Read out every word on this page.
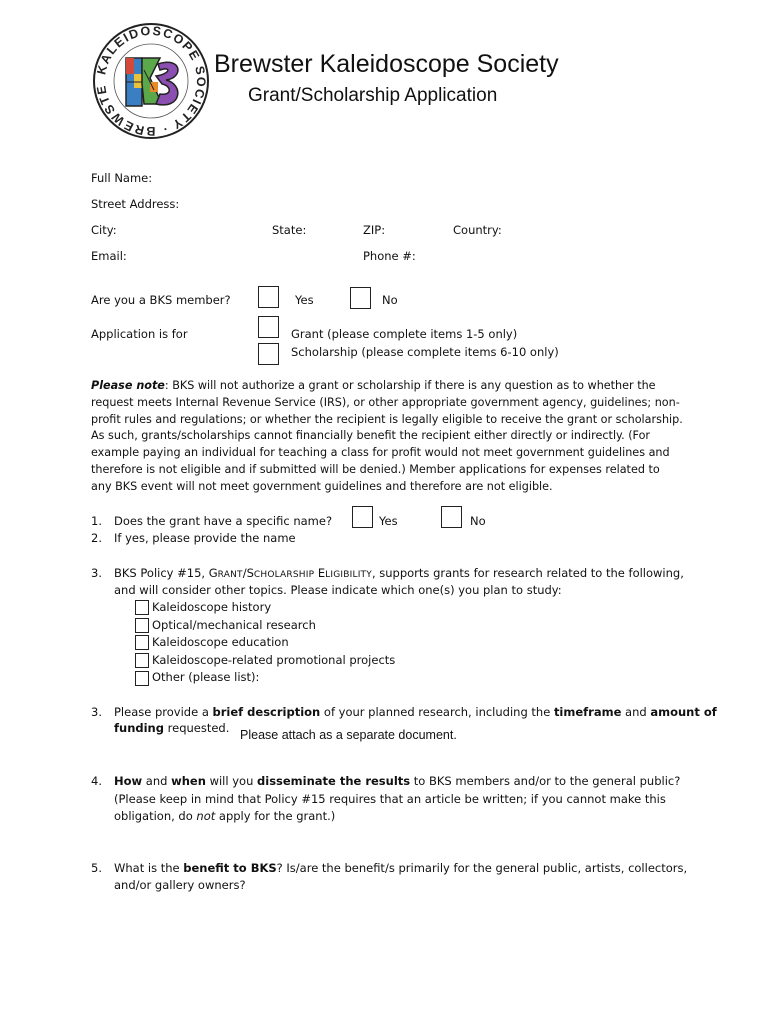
KALEIDOSCOPE SOCIETY · BREWSTE
Brewster Kaleidoscope Society
Grant/Scholarship Application
Full Name:
Street Address:
City:	State:	ZIP:	Country:
Email:	Phone #:
Are you a BKS member?	Yes	No
Application is for	Grant (please complete items 1-5 only)
Scholarship (please complete items 6-10 only)
Please note: BKS will not authorize a grant or scholarship if there is any question as to whether the request meets Internal Revenue Service (IRS), or other appropriate government agency, guidelines; non-profit rules and regulations; or whether the recipient is legally eligible to receive the grant or scholarship. As such, grants/scholarships cannot financially benefit the recipient either directly or indirectly. (For example paying an individual for teaching a class for profit would not meet government guidelines and therefore is not eligible and if submitted will be denied.) Member applications for expenses related to any BKS event will not meet government guidelines and therefore are not eligible.
1. Does the grant have a specific name?	Yes	No
2. If yes, please provide the name
3. BKS Policy #15, GRANT/SCHOLARSHIP ELIGIBILITY, supports grants for research related to the following,
and will consider other topics. Please indicate which one(s) you plan to study:
Kaleidoscope history
Optical/mechanical research
Kaleidoscope education
Kaleidoscope-related promotional projects
Other (please list):
3. Please provide a brief description of your planned research, including the timeframe and amount of
funding requested. Please attach as a separate document.
4. How and when will you disseminate the results to BKS members and/or to the general public?
(Please keep in mind that Policy #15 requires that an article be written; if you cannot make this
obligation, do not apply for the grant.)
5. What is the benefit to BKS? Is/are the benefit/s primarily for the general public, artists, collectors,
and/or gallery owners?
